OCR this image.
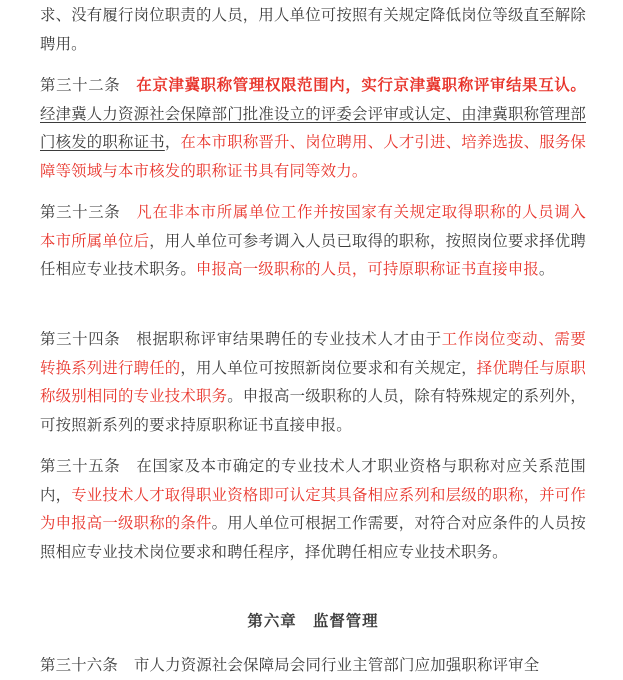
求、没有履行岗位职责的人员，用人单位可按照有关规定降低岗位等级直至解除聘用。

第三十二条 在京津冀职称管理权限范围内，实行京津冀职称评审结果互认。经津冀人力资源社会保障部门批准设立的评委会评审或认定、由津冀职称管理部门核发的职称证书，在本市职称晋升、岗位聘用、人才引进、培养选拔、服务保障等领域与本市核发的职称证书具有同等效力。

第三十三条 凡在非本市所属单位工作并按国家有关规定取得职称的人员调入本市所属单位后，用人单位可参考调入人员已取得的职称，按照岗位要求择优聘任相应专业技术职务。申报高一级职称的人员，可持原职称证书直接申报。

第三十四条 根据职称评审结果聘任的专业技术人才由于工作岗位变动、需要转换系列进行聘任的，用人单位可按照新岗位要求和有关规定，择优聘任与原职称级别相同的专业技术职务。申报高一级职称的人员，除有特殊规定的系列外，可按照新系列的要求持原职称证书直接申报。

第三十五条 在国家及本市确定的专业技术人才职业资格与职称对应关系范围内，专业技术人才取得职业资格即可认定其具备相应系列和层级的职称，并可作为申报高一级职称的条件。用人单位可根据工作需要，对符合对应条件的人员按照相应专业技术岗位要求和聘任程序，择优聘任相应专业技术职务。

第六章　监督管理

第三十六条 市人力资源社会保障局会同行业主管部门应加强职称评审全
